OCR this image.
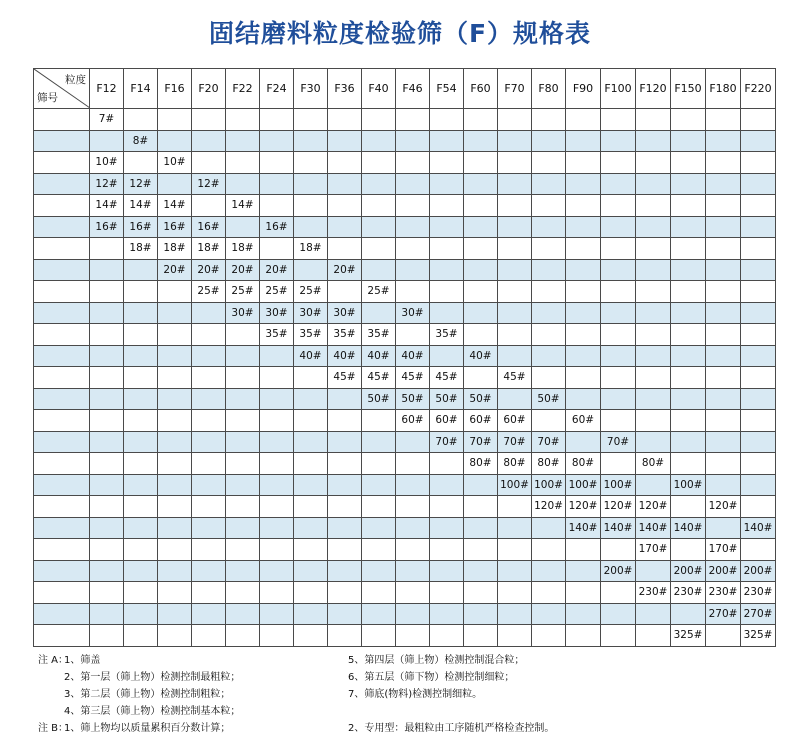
固结磨料粒度检验筛（F）规格表
粒度
筛号	F12	F14	F16	F20	F22	F24	F30	F36	F40	F46	F54	F60	F70	F80	F90	F100	F120	F150	F180	F220
	7#																			
		8#																		
	10#		10#																	
	12#	12#		12#																
	14#	14#	14#		14#															
	16#	16#	16#	16#		16#														
		18#	18#	18#	18#		18#													
			20#	20#	20#	20#		20#												
				25#	25#	25#	25#		25#											
					30#	30#	30#	30#		30#										
						35#	35#	35#	35#		35#									
							40#	40#	40#	40#		40#								
								45#	45#	45#	45#		45#							
									50#	50#	50#	50#		50#						
										60#	60#	60#	60#		60#					
											70#	70#	70#	70#		70#				
												80#	80#	80#	80#		80#			
													100#	100#	100#	100#		100#		
														120#	120#	120#	120#		120#	
															140#	140#	140#	140#		140#
																	170#		170#	
																200#		200#	200#	200#
																	230#	230#	230#	230#
																			270#	270#
																		325#		325#
注 A：1、筛盖
2、第一层（筛上物）检测控制最粗粒；
3、第二层（筛上物）检测控制粗粒；
4、第三层（筛上物）检测控制基本粒；
注 B：1、筛上物均以质量累积百分数计算；
5、第四层（筛上物）检测控制混合粒；
6、第五层（筛下物）检测控制细粒；
7、筛底(物料)检测控制细粒。

2、专用型：最粗粒由工序随机严格检查控制。
